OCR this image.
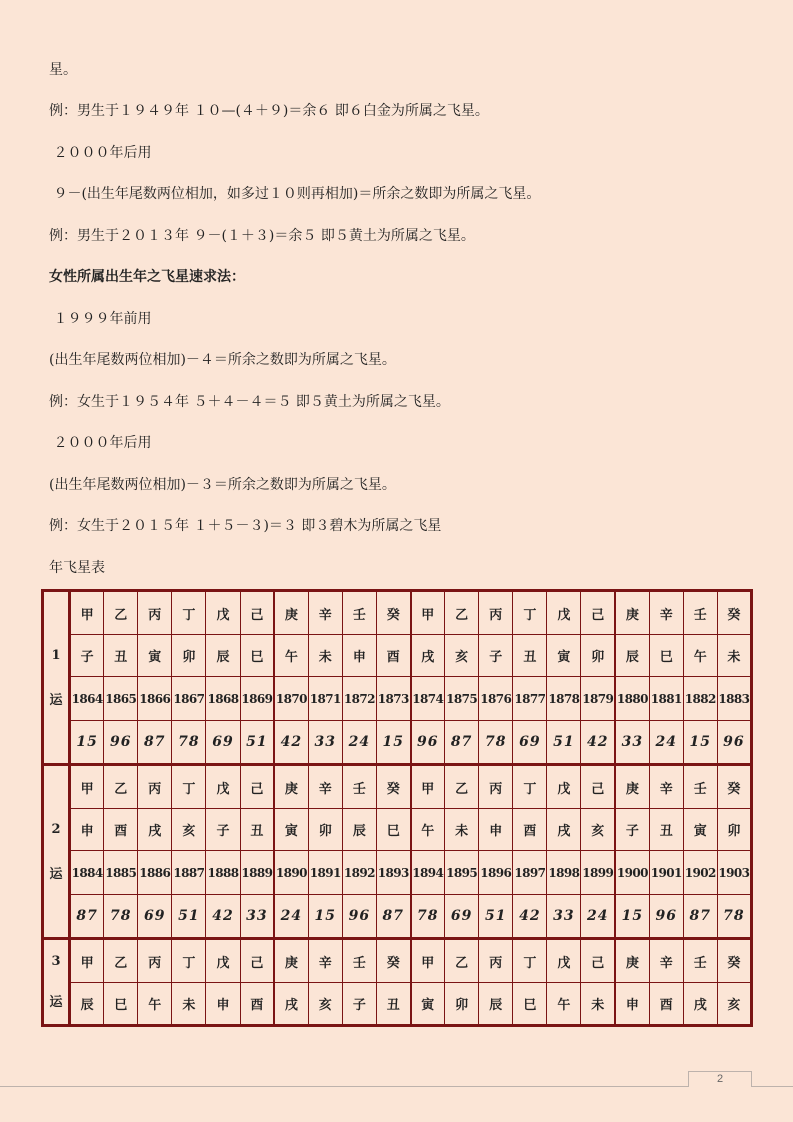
星。
例：男生于１９４９年 １０—(４＋９)＝余６ 即６白金为所属之飞星。
２０００年后用
９－(出生年尾数两位相加，如多过１０则再相加)＝所余之数即为所属之飞星。
例：男生于２０１３年 ９－(１＋３)＝余５ 即５黄土为所属之飞星。
女性所属出生年之飞星速求法：
１９９９年前用
(出生年尾数两位相加)－４＝所余之数即为所属之飞星。
例：女生于１９５４年 ５＋４－４＝５ 即５黄土为所属之飞星。
２０００年后用
(出生年尾数两位相加)－３＝所余之数即为所属之飞星。
例：女生于２０１５年 １＋５－３)＝３ 即３碧木为所属之飞星
年飞星表
1
运	甲	乙	丙	丁	戊	己	庚	辛	壬	癸	甲	乙	丙	丁	戊	己	庚	辛	壬	癸
	子	丑	寅	卯	辰	巳	午	未	申	酉	戌	亥	子	丑	寅	卯	辰	巳	午	未
	1864	1865	1866	1867	1868	1869	1870	1871	1872	1873	1874	1875	1876	1877	1878	1879	1880	1881	1882	1883
	15	96	87	78	69	51	42	33	24	15	96	87	78	69	51	42	33	24	15	96

2
运	甲	乙	丙	丁	戊	己	庚	辛	壬	癸	甲	乙	丙	丁	戊	己	庚	辛	壬	癸
	申	酉	戌	亥	子	丑	寅	卯	辰	巳	午	未	申	酉	戌	亥	子	丑	寅	卯
	1884	1885	1886	1887	1888	1889	1890	1891	1892	1893	1894	1895	1896	1897	1898	1899	1900	1901	1902	1903
	87	78	69	51	42	33	24	15	96	87	78	69	51	42	33	24	15	96	87	78

3
运	甲	乙	丙	丁	戊	己	庚	辛	壬	癸	甲	乙	丙	丁	戊	己	庚	辛	壬	癸
	辰	巳	午	未	申	酉	戌	亥	子	丑	寅	卯	辰	巳	午	未	申	酉	戌	亥
2
